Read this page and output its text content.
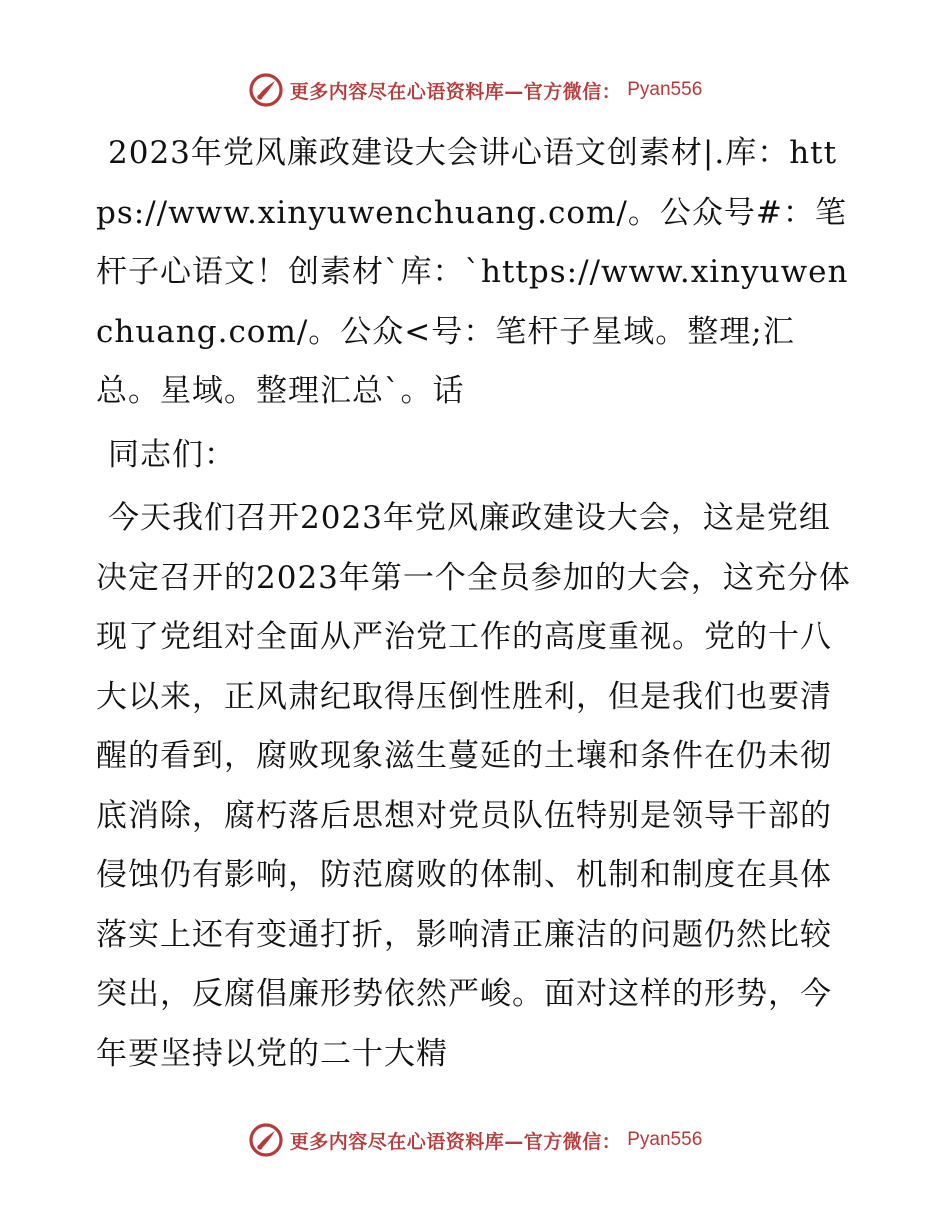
更多内容尽在心语资料库—官方微信： Pyan556

2023年党风廉政建设大会讲心语文创素材|.库：https://www.xinyuwenchuang.com/。公众号#：笔杆子心语文！创素材`库：`https://www.xinyuwenchuang.com/。公众<号：笔杆子星域。整理;汇总。星域。整理汇总`。话

同志们：

今天我们召开2023年党风廉政建设大会，这是党组决定召开的2023年第一个全员参加的大会，这充分体现了党组对全面从严治党工作的高度重视。党的十八大以来，正风肃纪取得压倒性胜利，但是我们也要清醒的看到，腐败现象滋生蔓延的土壤和条件在仍未彻底消除，腐朽落后思想对党员队伍特别是领导干部的侵蚀仍有影响，防范腐败的体制、机制和制度在具体落实上还有变通打折，影响清正廉洁的问题仍然比较突出，反腐倡廉形势依然严峻。面对这样的形势，今年要坚持以党的二十大精

更多内容尽在心语资料库—官方微信： Pyan556
